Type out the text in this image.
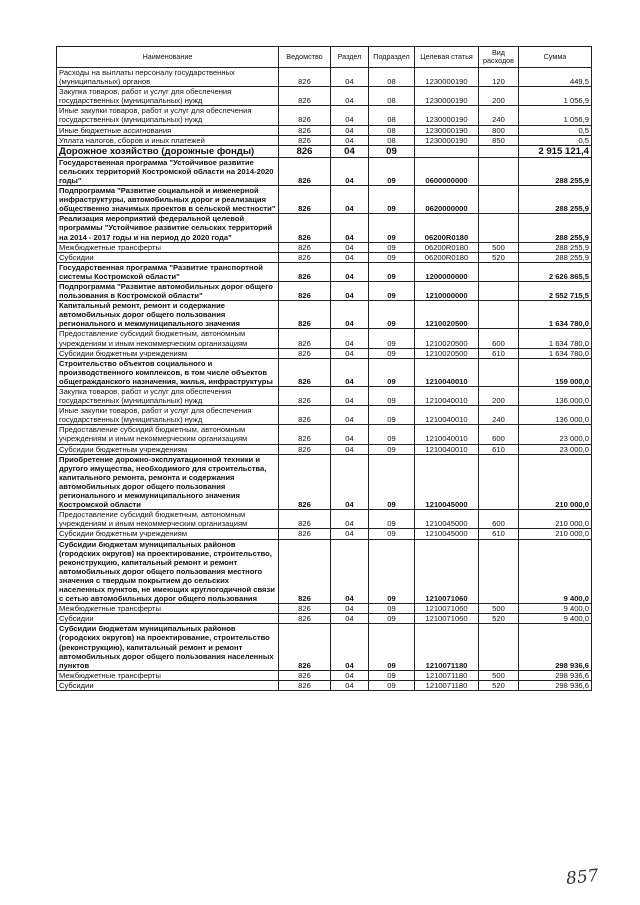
Наименование	Ведомство	Раздел	Подраздел	Целевая статья	Вид расходов	Сумма
Расходы на выплаты персоналу государственных (муниципальных) органов	826	04	08	1230000190	120	449,5
Закупка товаров, работ и услуг для обеспечения государственных (муниципальных) нужд	826	04	08	1230000190	200	1 056,9
Иные закупки товаров, работ и услуг для обеспечения государственных (муниципальных) нужд	826	04	08	1230000190	240	1 056,9
Иные бюджетные ассигнования	826	04	08	1230000190	800	0,5
Уплата налогов, сборов и иных платежей	826	04	08	1230000190	850	0,5
Дорожное хозяйство (дорожные фонды)	826	04	09			2 915 121,4
Государственная программа "Устойчивое развитие сельских территорий Костромской области на 2014-2020 годы"	826	04	09	0600000000		288 255,9
Подпрограмма "Развитие социальной и инженерной инфраструктуры, автомобильных дорог и реализация общественно значимых проектов в сельской местности"	826	04	09	0620000000		288 255,9
Реализация мероприятий федеральной целевой программы "Устойчивое развитие сельских территорий на 2014 - 2017 годы и на период до 2020 года"	826	04	09	06200R0180		288 255,9
Межбюджетные трансферты	826	04	09	06200R0180	500	288 255,9
Субсидии	826	04	09	06200R0180	520	288 255,9
Государственная программа "Развитие транспортной системы Костромской области"	826	04	09	1200000000		2 626 865,5
Подпрограмма "Развитие автомобильных дорог общего пользования в Костромской области"	826	04	09	1210000000		2 552 715,5
Капитальный ремонт, ремонт и содержание автомобильных дорог общего пользования регионального и межмуниципального значения	826	04	09	1210020500		1 634 780,0
Предоставление субсидий бюджетным, автономным учреждениям и иным некоммерческим организациям	826	04	09	1210020500	600	1 634 780,0
Субсидии бюджетным учреждениям	826	04	09	1210020500	610	1 634 780,0
Строительство объектов социального и производственного комплексов, в том числе объектов общегражданского назначения, жилья, инфраструктуры	826	04	09	1210040010		159 000,0
Закупка товаров, работ и услуг для обеспечения государственных (муниципальных) нужд	826	04	09	1210040010	200	136 000,0
Иные закупки товаров, работ и услуг для обеспечения государственных (муниципальных) нужд	826	04	09	1210040010	240	136 000,0
Предоставление субсидий бюджетным, автономным учреждениям и иным некоммерческим организациям	826	04	09	1210040010	600	23 000,0
Субсидии бюджетным учреждениям	826	04	09	1210040010	610	23 000,0
Приобретение дорожно-эксплуатационной техники и другого имущества, необходимого для строительства, капитального ремонта, ремонта и содержания автомобильных дорог общего пользования регионального и межмуниципального значения Костромской области	826	04	09	1210045000		210 000,0
Предоставление субсидий бюджетным, автономным учреждениям и иным некоммерческим организациям	826	04	09	1210045000	600	210 000,0
Субсидии бюджетным учреждениям	826	04	09	1210045000	610	210 000,0
Субсидии бюджетам муниципальных районов (городских округов) на проектирование, строительство, реконструкцию, капитальный ремонт и ремонт автомобильных дорог общего пользования местного значения с твердым покрытием до сельских населенных пунктов, не имеющих круглогодичной связи с сетью автомобильных дорог общего пользования	826	04	09	1210071060		9 400,0
Межбюджетные трансферты	826	04	09	1210071060	500	9 400,0
Субсидии	826	04	09	1210071060	520	9 400,0
Субсидии бюджетам муниципальных районов (городских округов) на проектирование, строительство (реконструкцию), капитальный ремонт и ремонт автомобильных дорог общего пользования населенных пунктов	826	04	09	1210071180		298 936,6
Межбюджетные трансферты	826	04	09	1210071180	500	298 936,6
Субсидии	826	04	09	1210071180	520	298 936,6
857
